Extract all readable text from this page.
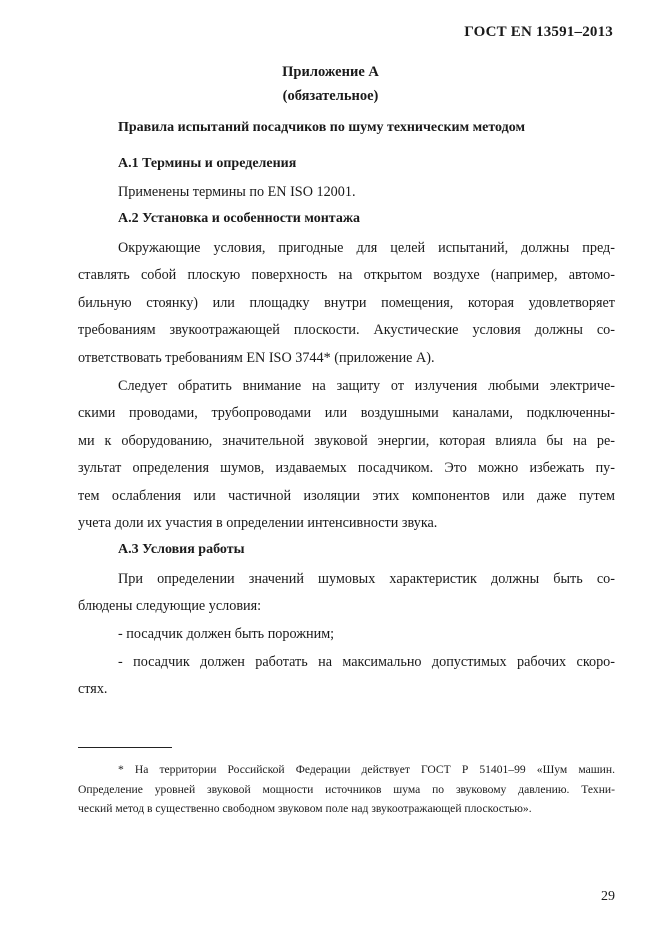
ГОСТ EN 13591–2013
Приложение А
(обязательное)
Правила испытаний посадчиков по шуму техническим методом
А.1 Термины и определения
Применены термины по EN ISO 12001.
А.2 Установка и особенности монтажа
Окружающие условия, пригодные для целей испытаний, должны пред-
ставлять собой плоскую поверхность на открытом воздухе (например, автомо-
бильную стоянку) или площадку внутри помещения, которая удовлетворяет
требованиям звукоотражающей плоскости. Акустические условия должны со-
ответствовать требованиям EN ISO 3744* (приложение А).
Следует обратить внимание на защиту от излучения любыми электриче-
скими проводами, трубопроводами или воздушными каналами, подключенны-
ми к оборудованию, значительной звуковой энергии, которая влияла бы на ре-
зультат определения шумов, издаваемых посадчиком. Это можно избежать пу-
тем ослабления или частичной изоляции этих компонентов или даже путем
учета доли их участия в определении интенсивности звука.
А.3 Условия работы
При определении значений шумовых характеристик должны быть со-
блюдены следующие условия:
- посадчик должен быть порожним;
- посадчик должен работать на максимально допустимых рабочих скоро-
стях.
* На территории Российской Федерации действует ГОСТ Р 51401–99 «Шум машин.
Определение уровней звуковой мощности источников шума по звуковому давлению. Техни-
ческий метод в существенно свободном звуковом поле над звукоотражающей плоскостью».
29
